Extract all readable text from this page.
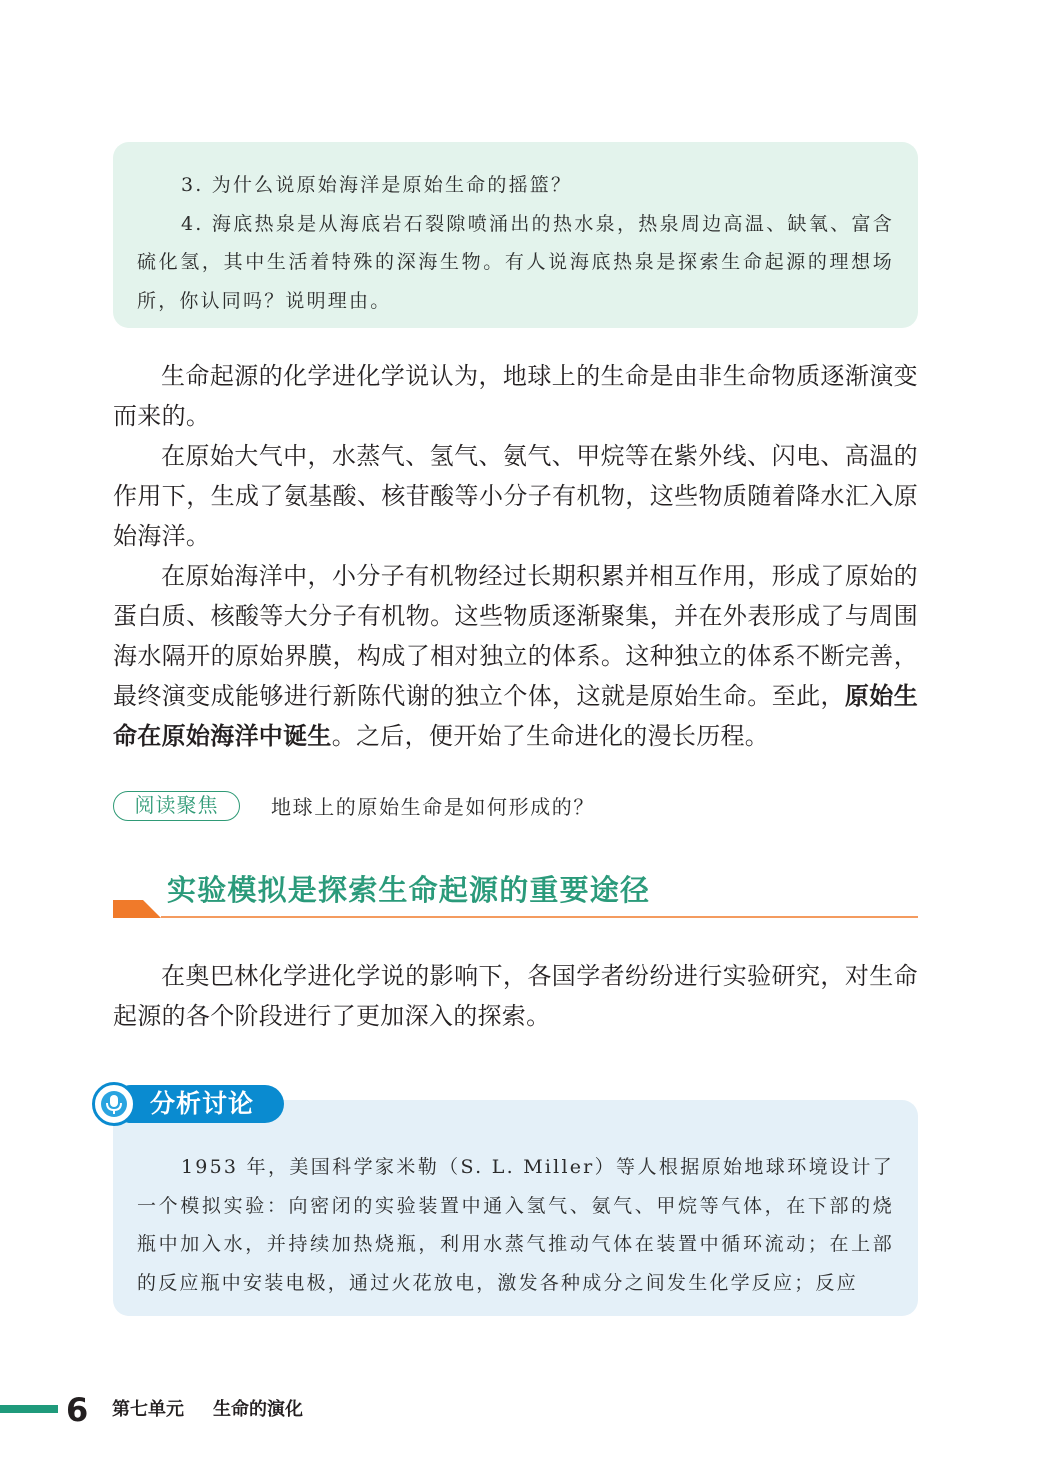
3. 为什么说原始海洋是原始生命的摇篮？

4. 海底热泉是从海底岩石裂隙喷涌出的热水泉，热泉周边高温、缺氧、富含硫化氢，其中生活着特殊的深海生物。有人说海底热泉是探索生命起源的理想场所，你认同吗？说明理由。

生命起源的化学进化学说认为，地球上的生命是由非生命物质逐渐演变而来的。

在原始大气中，水蒸气、氢气、氨气、甲烷等在紫外线、闪电、高温的作用下，生成了氨基酸、核苷酸等小分子有机物，这些物质随着降水汇入原始海洋。

在原始海洋中，小分子有机物经过长期积累并相互作用，形成了原始的蛋白质、核酸等大分子有机物。这些物质逐渐聚集，并在外表形成了与周围海水隔开的原始界膜，构成了相对独立的体系。这种独立的体系不断完善，最终演变成能够进行新陈代谢的独立个体，这就是原始生命。至此，原始生命在原始海洋中诞生。之后，便开始了生命进化的漫长历程。

阅读聚焦	地球上的原始生命是如何形成的？
实验模拟是探索生命起源的重要途径

在奥巴林化学进化学说的影响下，各国学者纷纷进行实验研究，对生命起源的各个阶段进行了更加深入的探索。

1953 年，美国科学家米勒（S. L. Miller）等人根据原始地球环境设计了一个模拟实验：向密闭的实验装置中通入氢气、氨气、甲烷等气体，在下部的烧瓶中加入水，并持续加热烧瓶，利用水蒸气推动气体在装置中循环流动；在上部的反应瓶中安装电极，通过火花放电，激发各种成分之间发生化学反应；反应

分析讨论

6 第七单元 生命的演化
